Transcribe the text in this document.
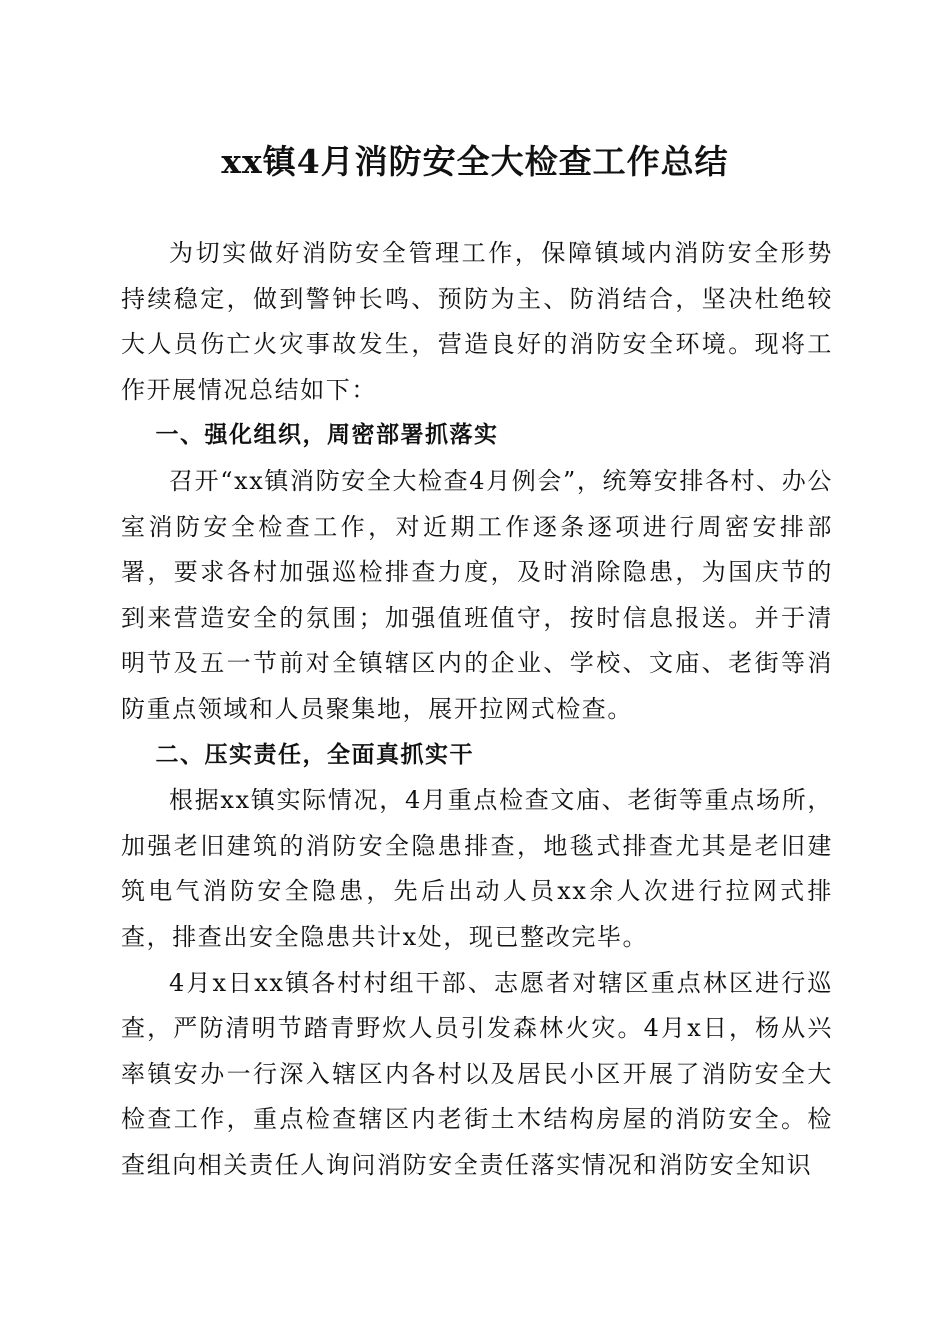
xx镇4月消防安全大检查工作总结

为切实做好消防安全管理工作，保障镇域内消防安全形势持续稳定，做到警钟长鸣、预防为主、防消结合，坚决杜绝较大人员伤亡火灾事故发生，营造良好的消防安全环境。现将工作开展情况总结如下：

一、强化组织，周密部署抓落实

召开“xx镇消防安全大检查4月例会”，统筹安排各村、办公室消防安全检查工作，对近期工作逐条逐项进行周密安排部署，要求各村加强巡检排查力度，及时消除隐患，为国庆节的到来营造安全的氛围；加强值班值守，按时信息报送。并于清明节及五一节前对全镇辖区内的企业、学校、文庙、老街等消防重点领域和人员聚集地，展开拉网式检查。

二、压实责任，全面真抓实干

根据xx镇实际情况，4月重点检查文庙、老街等重点场所，加强老旧建筑的消防安全隐患排查，地毯式排查尤其是老旧建筑电气消防安全隐患，先后出动人员xx余人次进行拉网式排查，排查出安全隐患共计x处，现已整改完毕。

4月x日xx镇各村村组干部、志愿者对辖区重点林区进行巡查，严防清明节踏青野炊人员引发森林火灾。4月x日，杨从兴率镇安办一行深入辖区内各村以及居民小区开展了消防安全大检查工作，重点检查辖区内老街土木结构房屋的消防安全。检查组向相关责任人询问消防安全责任落实情况和消防安全知识
